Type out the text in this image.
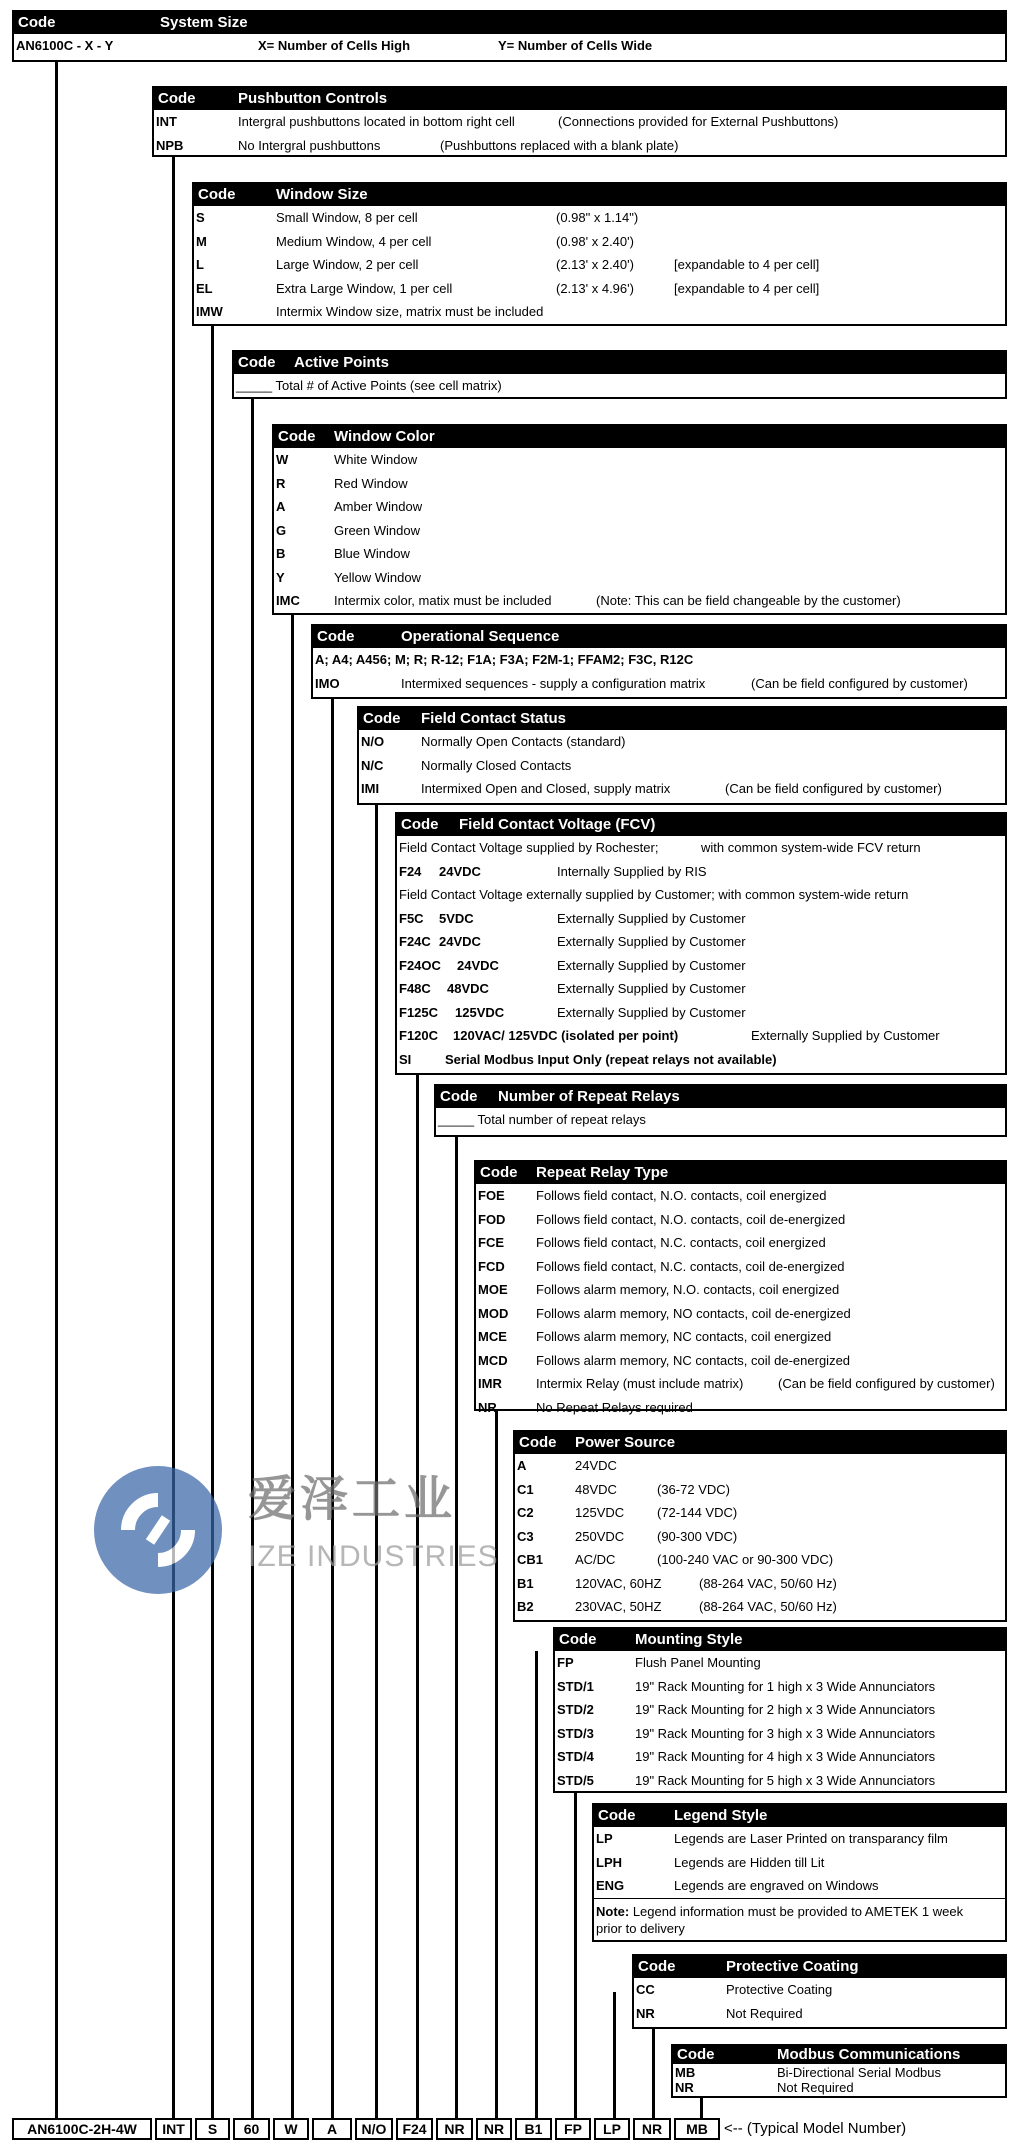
爱泽工业
IZE INDUSTRIES
Code	System Size
AN6100C - X - Y	X= Number of Cells High	Y= Number of Cells Wide
Code	Pushbutton Controls
INT	Intergral pushbuttons located in bottom right cell	(Connections provided for External Pushbuttons)
NPB	No Intergral pushbuttons	(Pushbuttons replaced with a blank plate)
Code	Window Size
S	Small Window, 8 per cell	(0.98" x 1.14")
M	Medium Window, 4 per cell	(0.98' x 2.40')
L	Large Window, 2 per cell	(2.13' x 2.40')	[expandable to 4 per cell]
EL	Extra Large Window, 1 per cell	(2.13' x 4.96')	[expandable to 4 per cell]
IMW	Intermix Window size, matrix must be included
Code Active Points
_____ Total # of Active Points (see cell matrix)
Code Window Color
W	White Window
R	Red Window
A	Amber Window
G	Green Window
B	Blue Window
Y	Yellow Window
IMC	Intermix color, matix must be included	(Note: This can be field changeable by the customer)
Code	Operational Sequence
A; A4; A456; M; R; R-12; F1A; F3A; F2M-1; FFAM2; F3C, R12C
IMO	Intermixed sequences - supply a configuration matrix	(Can be field configured by customer)
Code Field Contact Status
N/O	Normally Open Contacts (standard)
N/C	Normally Closed Contacts
IMI	Intermixed Open and Closed, supply matrix	(Can be field configured by customer)
Code Field Contact Voltage (FCV)
Field Contact Voltage supplied by Rochester;	with common system-wide FCV return
F24 24VDC	Internally Supplied by RIS
Field Contact Voltage externally supplied by Customer; with common system-wide return
F5C 5VDC	Externally Supplied by Customer
F24C 24VDC	Externally Supplied by Customer
F24OC 24VDC	Externally Supplied by Customer
F48C 48VDC	Externally Supplied by Customer
F125C 125VDC	Externally Supplied by Customer
F120C 120VAC/ 125VDC (isolated per point)	Externally Supplied by Customer
SI	Serial Modbus Input Only (repeat relays not available)
Code Number of Repeat Relays
_____ Total number of repeat relays
Code Repeat Relay Type
FOE Follows field contact, N.O. contacts, coil energized
FOD Follows field contact, N.O. contacts, coil de-energized
FCE Follows field contact, N.C. contacts, coil energized
FCD Follows field contact, N.C. contacts, coil de-energized
MOE Follows alarm memory, N.O. contacts, coil energized
MOD Follows alarm memory, NO contacts, coil de-energized
MCE Follows alarm memory, NC contacts, coil energized
MCD Follows alarm memory, NC contacts, coil de-energized
IMR	Intermix Relay (must include matrix)	(Can be field configured by customer)
NR	No Repeat Relays required
Code Power Source
A	24VDC
C1	48VDC	(36-72 VDC)
C2	125VDC	(72-144 VDC)
C3	250VDC	(90-300 VDC)
CB1 AC/DC	(100-240 VAC or 90-300 VDC)
B1	120VAC, 60HZ	(88-264 VAC, 50/60 Hz)
B2	230VAC, 50HZ	(88-264 VAC, 50/60 Hz)
Code	Mounting Style
FP	Flush Panel Mounting
STD/1	19" Rack Mounting for 1 high x 3 Wide Annunciators
STD/2	19" Rack Mounting for 2 high x 3 Wide Annunciators
STD/3	19" Rack Mounting for 3 high x 3 Wide Annunciators
STD/4	19" Rack Mounting for 4 high x 3 Wide Annunciators
STD/5	19" Rack Mounting for 5 high x 3 Wide Annunciators
Code	Legend Style
LP	Legends are Laser Printed on transparancy film
LPH	Legends are Hidden till Lit
ENG	Legends are engraved on Windows
Note: Legend information must be provided to AMETEK 1 week
prior to delivery
Code	Protective Coating
CC	Protective Coating
NR	Not Required
Code	Modbus Communications
MB	Bi-Directional Serial Modbus
NR	Not Required
AN6100C-2H-4W	INT	S	60	W	A	N/O	F24	NR	NR	B1	FP	LP	NR	MB	<-- (Typical Model Number)
